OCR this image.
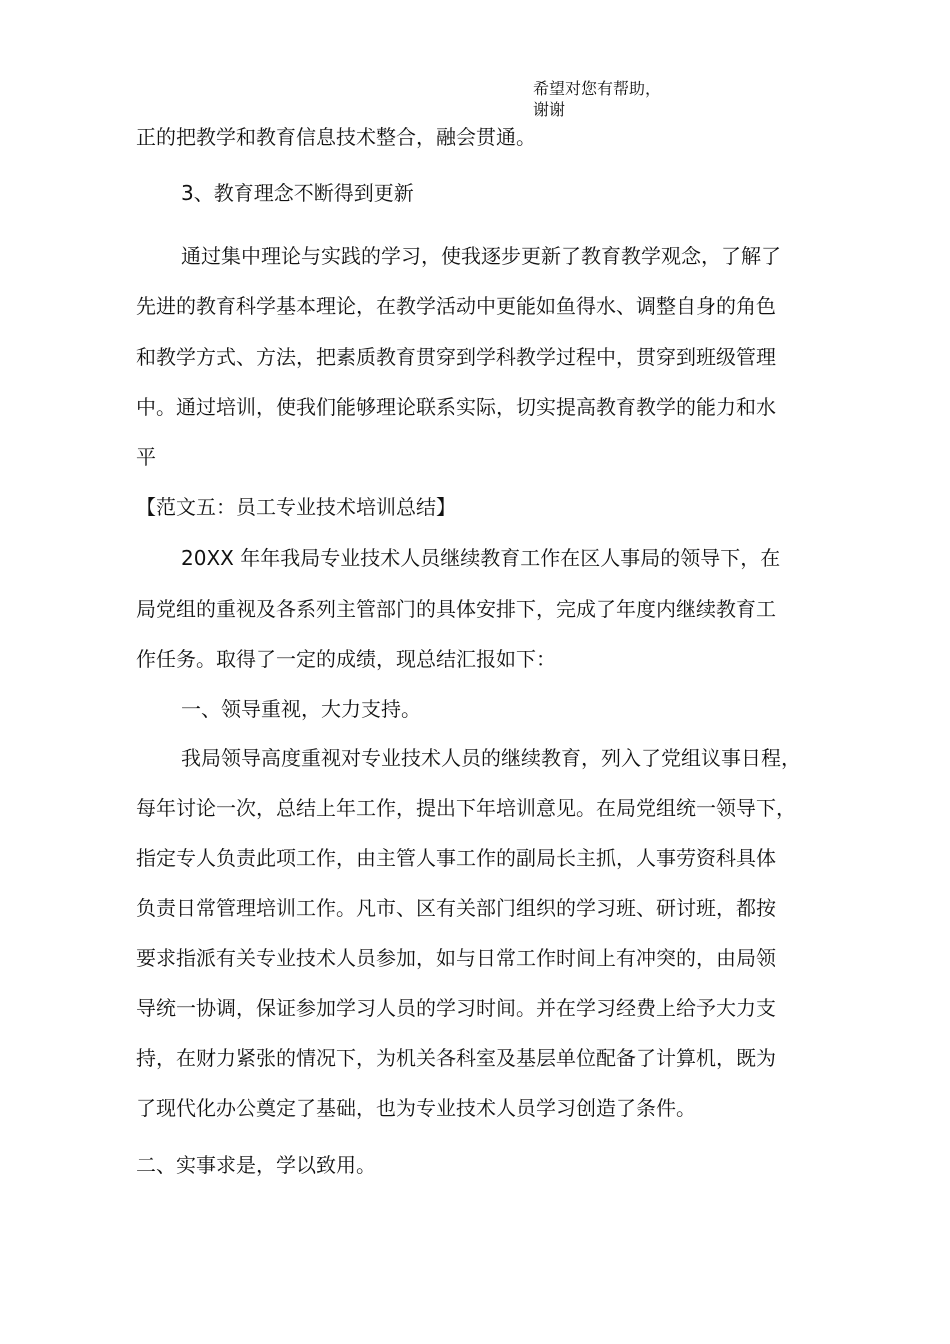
希望对您有帮助，
谢谢
正的把教学和教育信息技术整合，融会贯通。
3、教育理念不断得到更新
通过集中理论与实践的学习，使我逐步更新了教育教学观念，了解了
先进的教育科学基本理论，在教学活动中更能如鱼得水、调整自身的角色
和教学方式、方法，把素质教育贯穿到学科教学过程中，贯穿到班级管理
中。通过培训，使我们能够理论联系实际，切实提高教育教学的能力和水
平
【范文五：员工专业技术培训总结】
20XX 年年我局专业技术人员继续教育工作在区人事局的领导下，在
局党组的重视及各系列主管部门的具体安排下，完成了年度内继续教育工
作任务。取得了一定的成绩，现总结汇报如下：
一、领导重视，大力支持。
我局领导高度重视对专业技术人员的继续教育，列入了党组议事日程，
每年讨论一次，总结上年工作，提出下年培训意见。在局党组统一领导下，
指定专人负责此项工作，由主管人事工作的副局长主抓，人事劳资科具体
负责日常管理培训工作。凡市、区有关部门组织的学习班、研讨班，都按
要求指派有关专业技术人员参加，如与日常工作时间上有冲突的，由局领
导统一协调，保证参加学习人员的学习时间。并在学习经费上给予大力支
持，在财力紧张的情况下，为机关各科室及基层单位配备了计算机，既为
了现代化办公奠定了基础，也为专业技术人员学习创造了条件。
二、实事求是，学以致用。
